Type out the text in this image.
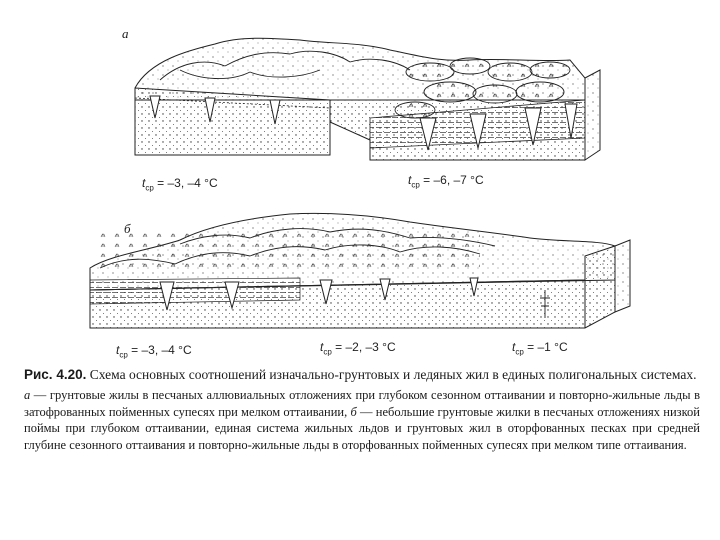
а
б
$t_{ср} = -3$, –4 °C	$t_{ср} = -6$, –7 °C
$t_{ср} = -3$, –4 °C	$t_{ср} = -2$, –3 °C	$t_{ср} = -1$ °C

Рис. 4.20. Схема основных соотношений изначально-грунтовых и ледяных жил в единых полигональных системах.

а — грунтовые жилы в песчаных аллювиальных отложениях при глубоком сезонном оттаивании и повторно-жильные льды в затофрованных пойменных супесях при мелком оттаивании, б — небольшие грунтовые жилки в песчаных отложениях низкой поймы при глубоком оттаивании, единая система жильных льдов и грунтовых жил в оторфованных песках при средней глубине сезонного оттаивания и повторно-жильные льды в оторфованных пойменных супесях при мелком типе оттаивания.
